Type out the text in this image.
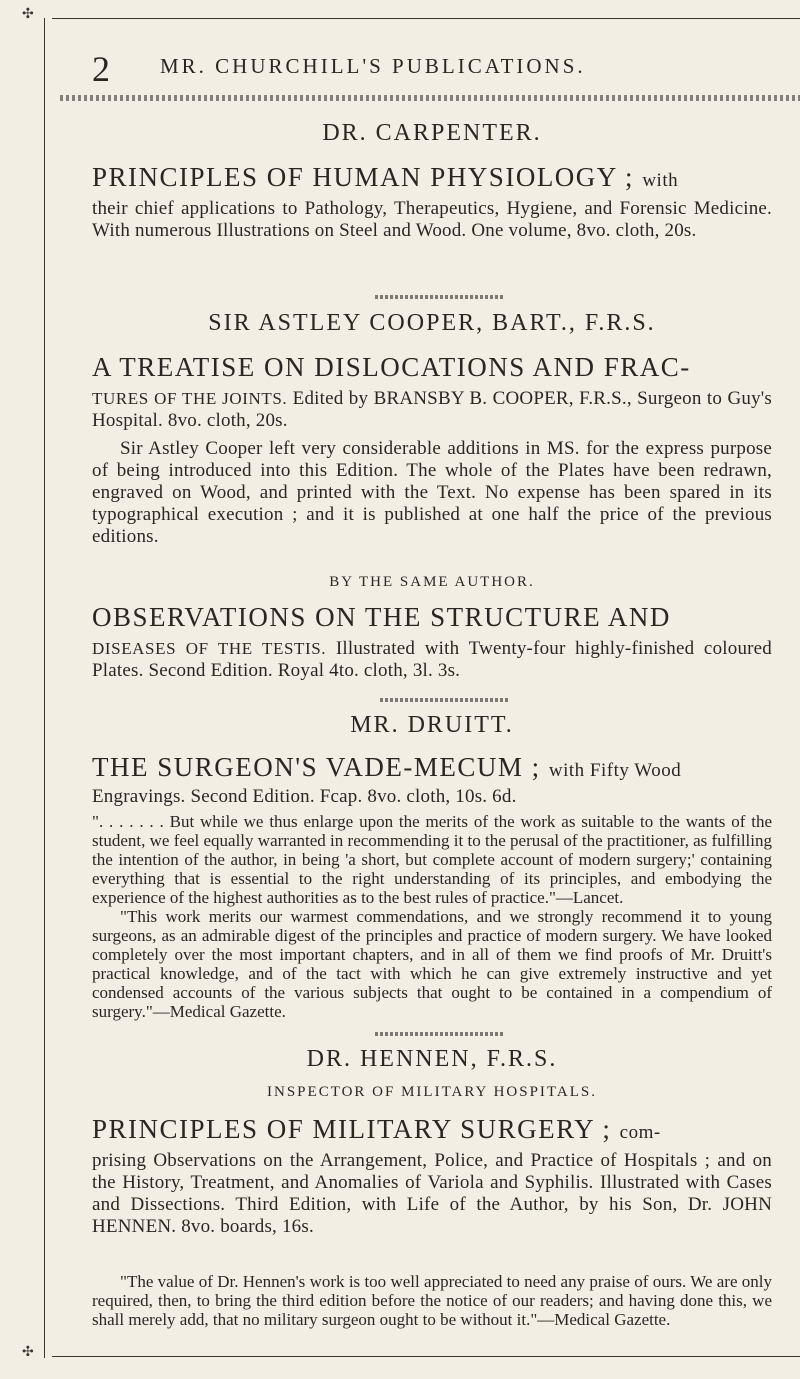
✣
2 MR. CHURCHILL'S PUBLICATIONS.
DR. CARPENTER.
PRINCIPLES OF HUMAN PHYSIOLOGY ; with
their chief applications to Pathology, Therapeutics, Hygiene, and Forensic Medicine. With numerous Illustrations on Steel and Wood. One volume, 8vo. cloth, 20s.
SIR ASTLEY COOPER, BART., F.R.S.
A TREATISE ON DISLOCATIONS AND FRAC-

TURES OF THE JOINTS. Edited by BRANSBY B. COOPER, F.R.S., Surgeon to Guy's Hospital. 8vo. cloth, 20s.

Sir Astley Cooper left very considerable additions in MS. for the express purpose of being introduced into this Edition. The whole of the Plates have been redrawn, engraved on Wood, and printed with the Text. No expense has been spared in its typographical execution ; and it is published at one half the price of the previous editions.

BY THE SAME AUTHOR.
OBSERVATIONS ON THE STRUCTURE AND

DISEASES OF THE TESTIS. Illustrated with Twenty-four highly-finished coloured Plates. Second Edition. Royal 4to. cloth, 3l. 3s.

MR. DRUITT.
THE SURGEON'S VADE-MECUM ; with Fifty Wood
Engravings. Second Edition. Fcap. 8vo. cloth, 10s. 6d.

". . . . . . . But while we thus enlarge upon the merits of the work as suitable to the wants of the student, we feel equally warranted in recommending it to the perusal of the practitioner, as fulfilling the intention of the author, in being 'a short, but complete account of modern surgery;' containing everything that is essential to the right understanding of its principles, and embodying the experience of the highest authorities as to the best rules of practice."—Lancet.

"This work merits our warmest commendations, and we strongly recommend it to young surgeons, as an admirable digest of the principles and practice of modern surgery. We have looked completely over the most important chapters, and in all of them we find proofs of Mr. Druitt's practical knowledge, and of the tact with which he can give extremely instructive and yet condensed accounts of the various subjects that ought to be contained in a compendium of surgery."—Medical Gazette.

DR. HENNEN, F.R.S.
INSPECTOR OF MILITARY HOSPITALS.
PRINCIPLES OF MILITARY SURGERY ; com-
prising Observations on the Arrangement, Police, and Practice of Hospitals ; and on the History, Treatment, and Anomalies of Variola and Syphilis. Illustrated with Cases and Dissections. Third Edition, with Life of the Author, by his Son, Dr. JOHN HENNEN. 8vo. boards, 16s.

"The value of Dr. Hennen's work is too well appreciated to need any praise of ours. We are only required, then, to bring the third edition before the notice of our readers; and having done this, we shall merely add, that no military surgeon ought to be without it."—Medical Gazette.

✣
